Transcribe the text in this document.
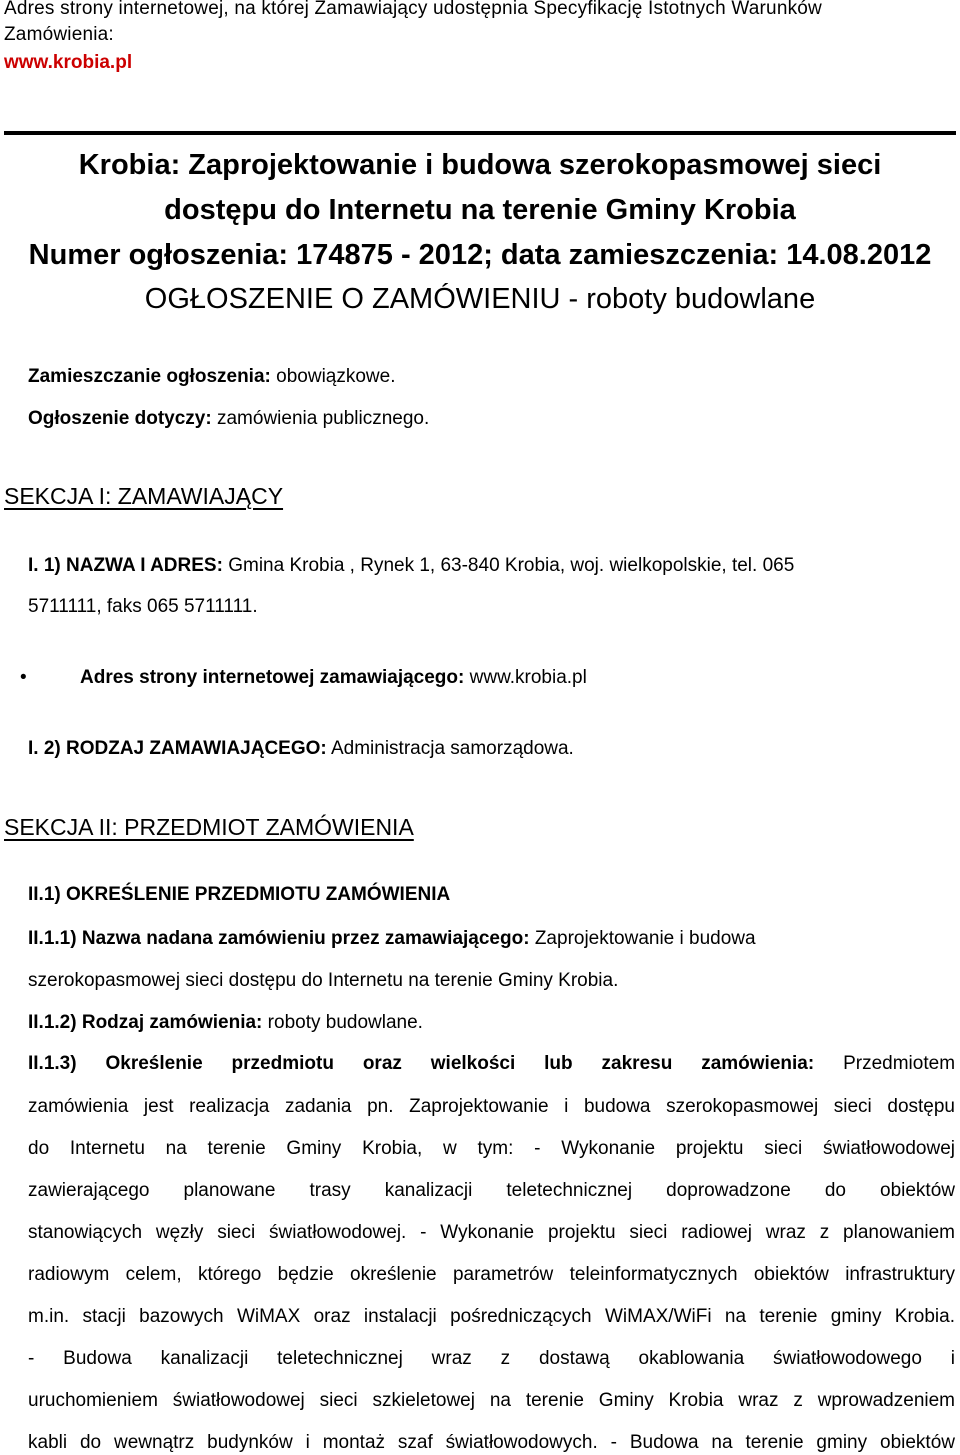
Adres strony internetowej, na której Zamawiający udostępnia Specyfikację Istotnych Warunków
Zamówienia:
www.krobia.pl
Krobia: Zaprojektowanie i budowa szerokopasmowej sieci
dostępu do Internetu na terenie Gminy Krobia
Numer ogłoszenia: 174875 - 2012; data zamieszczenia: 14.08.2012
OGŁOSZENIE O ZAMÓWIENIU - roboty budowlane
Zamieszczanie ogłoszenia: obowiązkowe.
Ogłoszenie dotyczy: zamówienia publicznego.
SEKCJA I: ZAMAWIAJĄCY
I. 1) NAZWA I ADRES: Gmina Krobia , Rynek 1, 63-840 Krobia, woj. wielkopolskie, tel. 065
5711111, faks 065 5711111.
•	Adres strony internetowej zamawiającego: www.krobia.pl
I. 2) RODZAJ ZAMAWIAJĄCEGO: Administracja samorządowa.
SEKCJA II: PRZEDMIOT ZAMÓWIENIA
II.1) OKREŚLENIE PRZEDMIOTU ZAMÓWIENIA
II.1.1) Nazwa nadana zamówieniu przez zamawiającego: Zaprojektowanie i budowa
szerokopasmowej sieci dostępu do Internetu na terenie Gminy Krobia.
II.1.2) Rodzaj zamówienia: roboty budowlane.
II.1.3) Określenie przedmiotu oraz wielkości lub zakresu zamówienia: Przedmiotem
zamówienia jest realizacja zadania pn. Zaprojektowanie i budowa szerokopasmowej sieci dostępu
do Internetu na terenie Gminy Krobia, w tym: - Wykonanie projektu sieci światłowodowej
zawierającego planowane trasy kanalizacji teletechnicznej doprowadzone do obiektów
stanowiących węzły sieci światłowodowej. - Wykonanie projektu sieci radiowej wraz z planowaniem
radiowym celem, którego będzie określenie parametrów teleinformatycznych obiektów infrastruktury
m.in. stacji bazowych WiMAX oraz instalacji pośredniczących WiMAX/WiFi na terenie gminy Krobia.
- Budowa kanalizacji teletechnicznej wraz z dostawą okablowania światłowodowego i
uruchomieniem światłowodowej sieci szkieletowej na terenie Gminy Krobia wraz z wprowadzeniem
kabli do wewnątrz budynków i montaż szaf światłowodowych. - Budowa na terenie gminy obiektów
